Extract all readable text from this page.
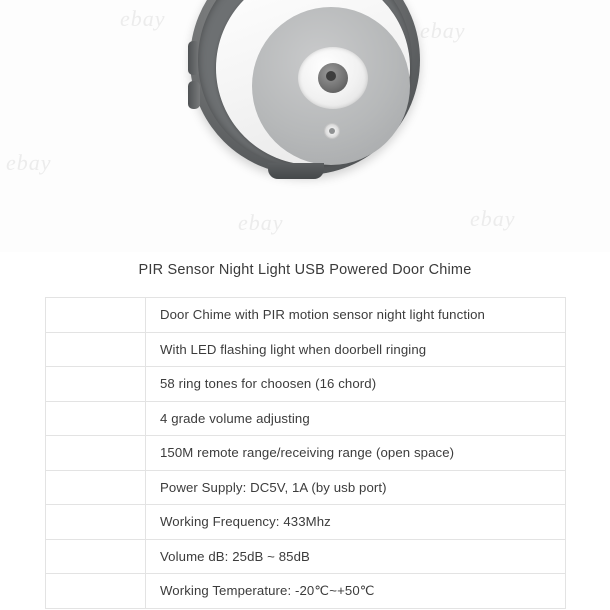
ebay	ebay
ebay
ebay	ebay
PIR Sensor Night Light USB Powered Door Chime
Door Chime with PIR motion sensor night light function
With LED flashing light when doorbell ringing
58 ring tones for choosen (16 chord)
4 grade volume adjusting
150M remote range/receiving range (open space)
Power Supply: DC5V, 1A (by usb port)
Working Frequency: 433Mhz
Volume dB: 25dB ~ 85dB
Working Temperature: -20℃~+50℃
